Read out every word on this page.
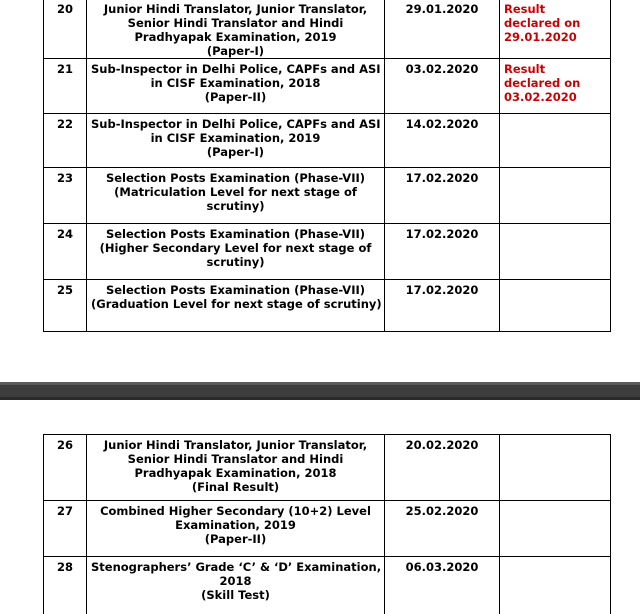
20	Junior Hindi Translator, Junior Translator,
Senior Hindi Translator and Hindi
Pradhyapak Examination, 2019
(Paper-I)	29.01.2020	Result
declared on
29.01.2020

21	Sub-Inspector in Delhi Police, CAPFs and ASI
in CISF Examination, 2018
(Paper-II)	03.02.2020	Result
declared on
03.02.2020

22	Sub-Inspector in Delhi Police, CAPFs and ASI
in CISF Examination, 2019
(Paper-I)	14.02.2020	
23	Selection Posts Examination (Phase-VII)
(Matriculation Level for next stage of
scrutiny)	17.02.2020	
24	Selection Posts Examination (Phase-VII)
(Higher Secondary Level for next stage of
scrutiny)	17.02.2020	
25	Selection Posts Examination (Phase-VII)
(Graduation Level for next stage of scrutiny)	17.02.2020	
26	Junior Hindi Translator, Junior Translator,
Senior Hindi Translator and Hindi
Pradhyapak Examination, 2018
(Final Result)	20.02.2020	
27	Combined Higher Secondary (10+2) Level
Examination, 2019
(Paper-II)	25.02.2020	
28	Stenographers’ Grade ‘C’ & ‘D’ Examination,
2018
(Skill Test)	06.03.2020	
